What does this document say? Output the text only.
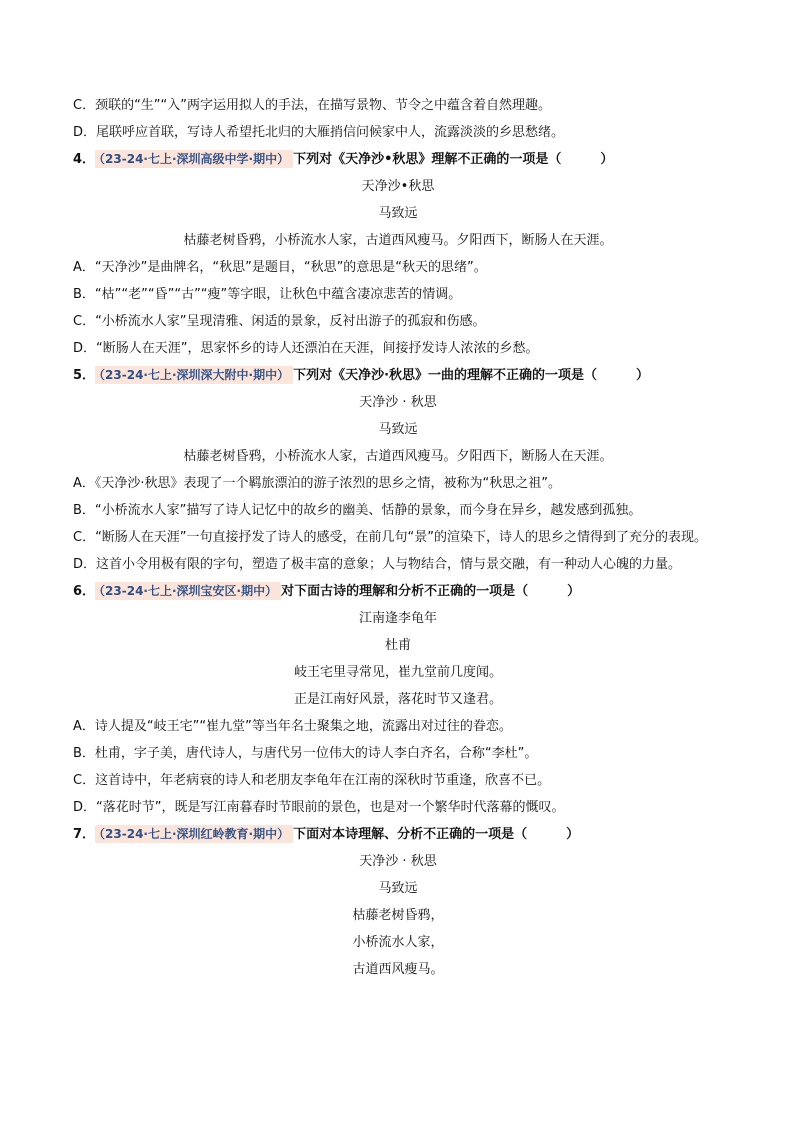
C．颈联的“生”“入”两字运用拟人的手法，在描写景物、节令之中蕴含着自然理趣。
D．尾联呼应首联，写诗人希望托北归的大雁捎信问候家中人，流露淡淡的乡思愁绪。
4． （23-24·七上·深圳高级中学·期中） 下列对《天净沙•秋思》理解不正确的一项是（　　　）
天净沙•秋思
马致远
枯藤老树昏鸦，小桥流水人家，古道西风瘦马。夕阳西下，断肠人在天涯。
A．“天净沙”是曲牌名，“秋思”是题目，“秋思”的意思是“秋天的思绪”。
B．“枯”“老”“昏”“古”“瘦”等字眼，让秋色中蕴含凄凉悲苦的情调。
C．“小桥流水人家”呈现清雅、闲适的景象，反衬出游子的孤寂和伤感。
D．“断肠人在天涯”，思家怀乡的诗人还漂泊在天涯，间接抒发诗人浓浓的乡愁。
5． （23-24·七上·深圳深大附中·期中） 下列对《天净沙·秋思》一曲的理解不正确的一项是（　　　）
天净沙 · 秋思
马致远
枯藤老树昏鸦，小桥流水人家，古道西风瘦马。夕阳西下，断肠人在天涯。
A．《天净沙·秋思》表现了一个羁旅漂泊的游子浓烈的思乡之情，被称为“秋思之祖”。
B．“小桥流水人家”描写了诗人记忆中的故乡的幽美、恬静的景象，而今身在异乡，越发感到孤独。
C．“断肠人在天涯”一句直接抒发了诗人的感受，在前几句“景”的渲染下，诗人的思乡之情得到了充分的表现。
D．这首小令用极有限的字句，塑造了极丰富的意象；人与物结合，情与景交融，有一种动人心魄的力量。
6． （23-24·七上·深圳宝安区·期中） 对下面古诗的理解和分析不正确的一项是（　　　）
江南逢李龟年
杜甫
岐王宅里寻常见，崔九堂前几度闻。
正是江南好风景，落花时节又逢君。
A．诗人提及“岐王宅”“崔九堂”等当年名士聚集之地，流露出对过往的眷恋。
B．杜甫，字子美，唐代诗人，与唐代另一位伟大的诗人李白齐名，合称“李杜”。
C．这首诗中，年老病衰的诗人和老朋友李龟年在江南的深秋时节重逢，欣喜不已。
D．“落花时节”，既是写江南暮春时节眼前的景色，也是对一个繁华时代落幕的慨叹。
7． （23-24·七上·深圳红岭教育·期中） 下面对本诗理解、分析不正确的一项是（　　　）
天净沙 · 秋思
马致远
枯藤老树昏鸦，
小桥流水人家，
古道西风瘦马。
